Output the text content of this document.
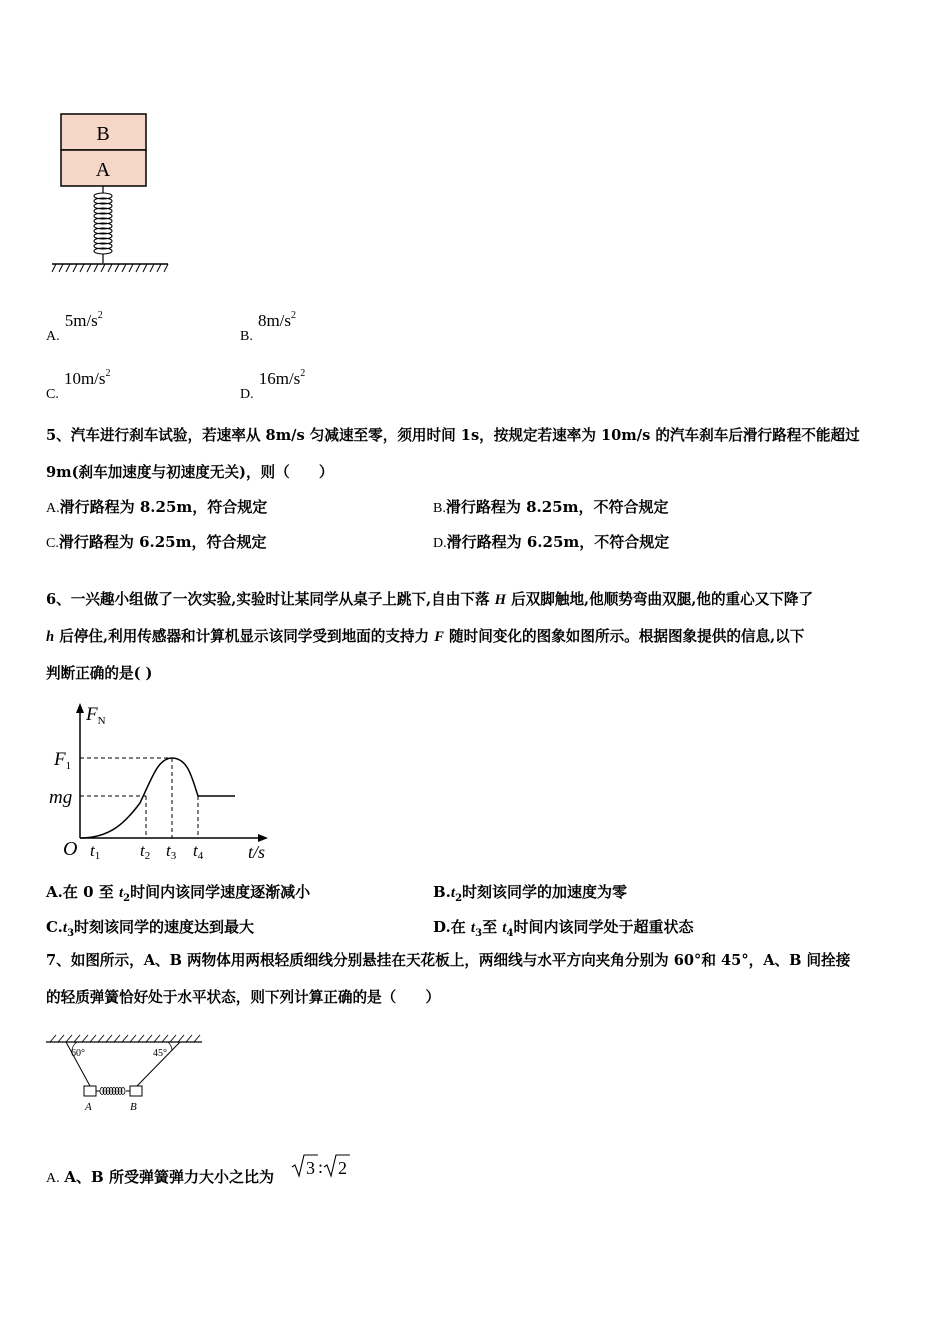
B
A
A. $5m/s^2$
B. $8m/s^2$
C. $10m/s^2$
D. $16m/s^2$
5、汽车进行刹车试验，若速率从 8m/s 匀减速至零，须用时间 1s，按规定若速率为 10m/s 的汽车刹车后滑行路程不能超过
9m(刹车加速度与初速度无关)，则（　　）
A.滑行路程为 8.25m，符合规定	B.滑行路程为 8.25m，不符合规定
C.滑行路程为 6.25m，符合规定	D.滑行路程为 6.25m，不符合规定
6、一兴趣小组做了一次实验,实验时让某同学从桌子上跳下,自由下落 H 后双脚触地,他顺势弯曲双腿,他的重心又下降了
h 后停住,利用传感器和计算机显示该同学受到地面的支持力 F 随时间变化的图象如图所示。根据图象提供的信息,以下
判断正确的是( )
$F_N$
$F_1$
mg
O t1 t2 t3 t4 t/s
A.在 0 至 $t_2$时间内该同学速度逐渐减小	$B.t_2$时刻该同学的加速度为零
$C.t_3$时刻该同学的速度达到最大	D.在 $t_3$至 $t_4$时间内该同学处于超重状态
7、如图所示，A、B 两物体用两根轻质细线分别悬挂在天花板上，两细线与水平方向夹角分别为 60°和 45°，A、B 间拴接
的轻质弹簧恰好处于水平状态，则下列计算正确的是（　　）
60°	45°
A	B
A. A、B 所受弹簧弹力大小之比为 3 : 2
